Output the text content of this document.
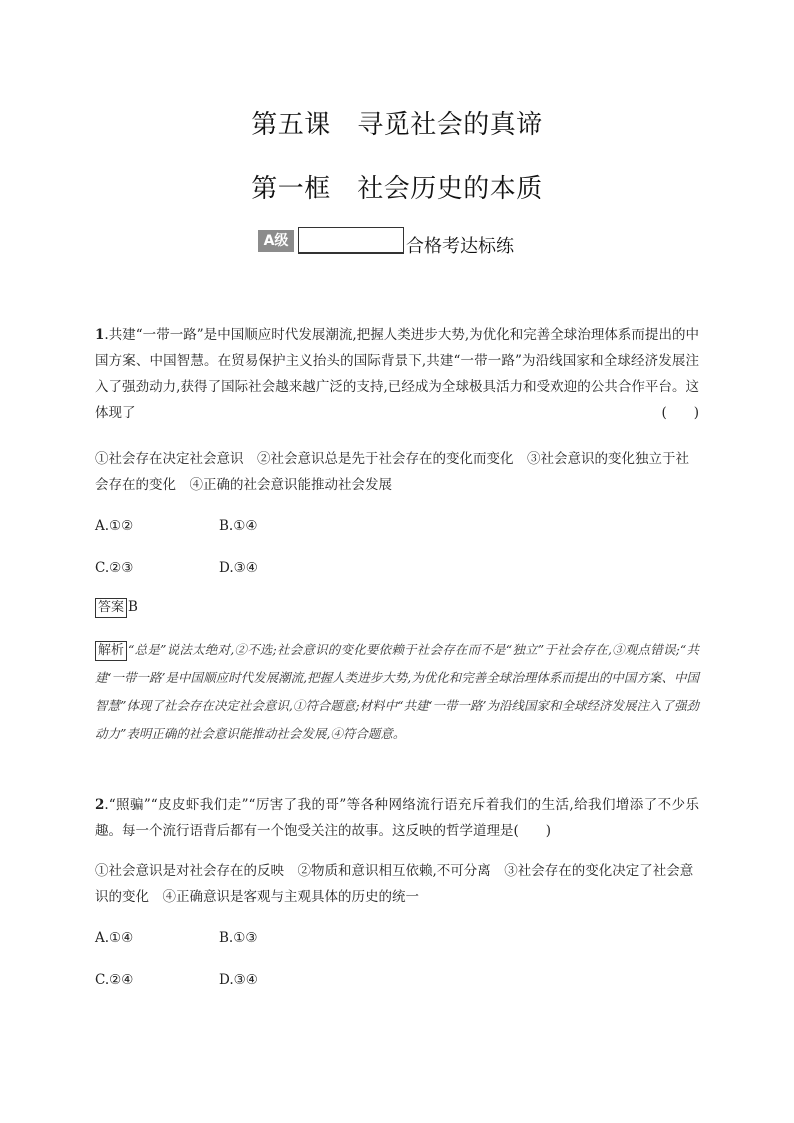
第五课　寻觅社会的真谛
第一框　社会历史的本质
A级	合格考达标练
1.共建“一带一路”是中国顺应时代发展潮流,把握人类进步大势,为优化和完善全球治理体系而提出的中国方案、中国智慧。在贸易保护主义抬头的国际背景下,共建“一带一路”为沿线国家和全球经济发展注入了强劲动力,获得了国际社会越来越广泛的支持,已经成为全球极具活力和受欢迎的公共合作平台。这体现了	(　　)
①社会存在决定社会意识　②社会意识总是先于社会存在的变化而变化　③社会意识的变化独立于社会存在的变化　④正确的社会意识能推动社会发展
A.①②	B.①④
C.②③	D.③④
答案 B
解析 “总是”说法太绝对,②不选;社会意识的变化要依赖于社会存在而不是“独立”于社会存在,③观点错误;“共建‘一带一路’是中国顺应时代发展潮流,把握人类进步大势,为优化和完善全球治理体系而提出的中国方案、中国智慧”体现了社会存在决定社会意识,①符合题意;材料中“共建‘一带一路’为沿线国家和全球经济发展注入了强劲动力”表明正确的社会意识能推动社会发展,④符合题意。
2.“照骗”“皮皮虾我们走”“厉害了我的哥”等各种网络流行语充斥着我们的生活,给我们增添了不少乐趣。每一个流行语背后都有一个饱受关注的故事。这反映的哲学道理是(　　)
①社会意识是对社会存在的反映　②物质和意识相互依赖,不可分离　③社会存在的变化决定了社会意识的变化　④正确意识是客观与主观具体的历史的统一
A.①④	B.①③
C.②④	D.③④
